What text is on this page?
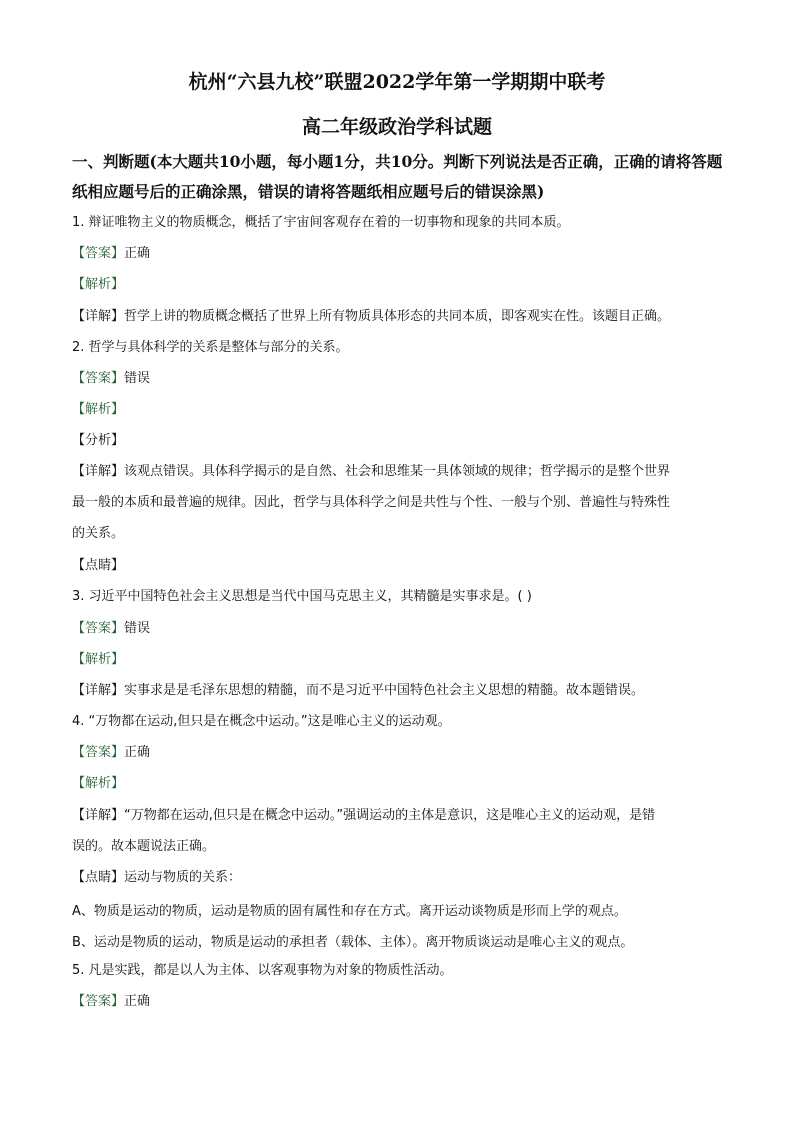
杭州“六县九校”联盟2022学年第一学期期中联考
高二年级政治学科试题
一、判断题(本大题共10小题，每小题1分，共10分。判断下列说法是否正确，正确的请将答题纸相应题号后的正确涂黑，错误的请将答题纸相应题号后的错误涂黑)
1. 辩证唯物主义的物质概念，概括了宇宙间客观存在着的一切事物和现象的共同本质。
【答案】正确
【解析】
【详解】哲学上讲的物质概念概括了世界上所有物质具体形态的共同本质，即客观实在性。该题目正确。
2. 哲学与具体科学的关系是整体与部分的关系。
【答案】错误
【解析】
【分析】
【详解】该观点错误。具体科学揭示的是自然、社会和思维某一具体领域的规律；哲学揭示的是整个世界
最一般的本质和最普遍的规律。因此，哲学与具体科学之间是共性与个性、一般与个别、普遍性与特殊性
的关系。
【点睛】
3. 习近平中国特色社会主义思想是当代中国马克思主义，其精髓是实事求是。( )
【答案】错误
【解析】
【详解】实事求是是毛泽东思想的精髓，而不是习近平中国特色社会主义思想的精髓。故本题错误。
4. “万物都在运动,但只是在概念中运动。”这是唯心主义的运动观。
【答案】正确
【解析】
【详解】“万物都在运动,但只是在概念中运动。”强调运动的主体是意识，这是唯心主义的运动观，是错
误的。故本题说法正确。
【点睛】运动与物质的关系：
A、物质是运动的物质，运动是物质的固有属性和存在方式。离开运动谈物质是形而上学的观点。
B、运动是物质的运动，物质是运动的承担者（载体、主体）。离开物质谈运动是唯心主义的观点。
5. 凡是实践，都是以人为主体、以客观事物为对象的物质性活动。
【答案】正确
